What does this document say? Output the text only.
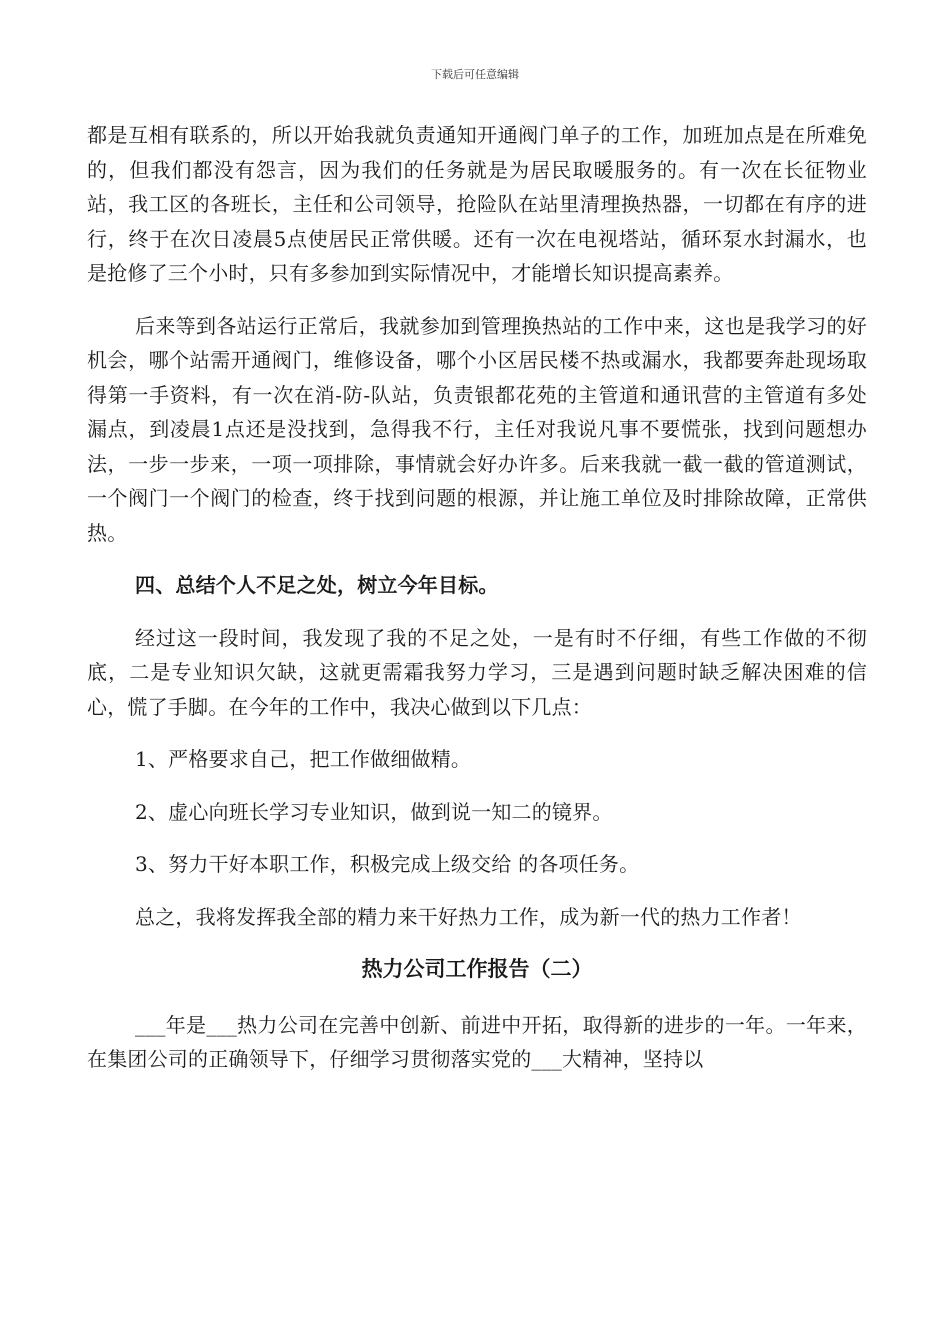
下载后可任意编辑

都是互相有联系的，所以开始我就负责通知开通阀门单子的工作，加班加点是在所难免的，但我们都没有怨言，因为我们的任务就是为居民取暖服务的。有一次在长征物业站，我工区的各班长，主任和公司领导，抢险队在站里清理换热器，一切都在有序的进行，终于在次日凌晨5点使居民正常供暖。还有一次在电视塔站，循环泵水封漏水，也是抢修了三个小时，只有多参加到实际情况中，才能增长知识提高素养。

后来等到各站运行正常后，我就参加到管理换热站的工作中来，这也是我学习的好机会，哪个站需开通阀门，维修设备，哪个小区居民楼不热或漏水，我都要奔赴现场取得第一手资料，有一次在消-防-队站，负责银都花苑的主管道和通讯营的主管道有多处漏点，到凌晨1点还是没找到，急得我不行，主任对我说凡事不要慌张，找到问题想办法，一步一步来，一项一项排除，事情就会好办许多。后来我就一截一截的管道测试，一个阀门一个阀门的检查，终于找到问题的根源，并让施工单位及时排除故障，正常供热。

四、总结个人不足之处，树立今年目标。

经过这一段时间，我发现了我的不足之处，一是有时不仔细，有些工作做的不彻底，二是专业知识欠缺，这就更需霜我努力学习，三是遇到问题时缺乏解决困难的信心，慌了手脚。在今年的工作中，我决心做到以下几点：

1、严格要求自己，把工作做细做精。

2、虚心向班长学习专业知识，做到说一知二的镜界。

3、努力干好本职工作，积极完成上级交给 的各项任务。

总之，我将发挥我全部的精力来干好热力工作，成为新一代的热力工作者！

热力公司工作报告（二）

___年是___热力公司在完善中创新、前进中开拓，取得新的进步的一年。一年来，在集团公司的正确领导下，仔细学习贯彻落实党的___大精神，坚持以
